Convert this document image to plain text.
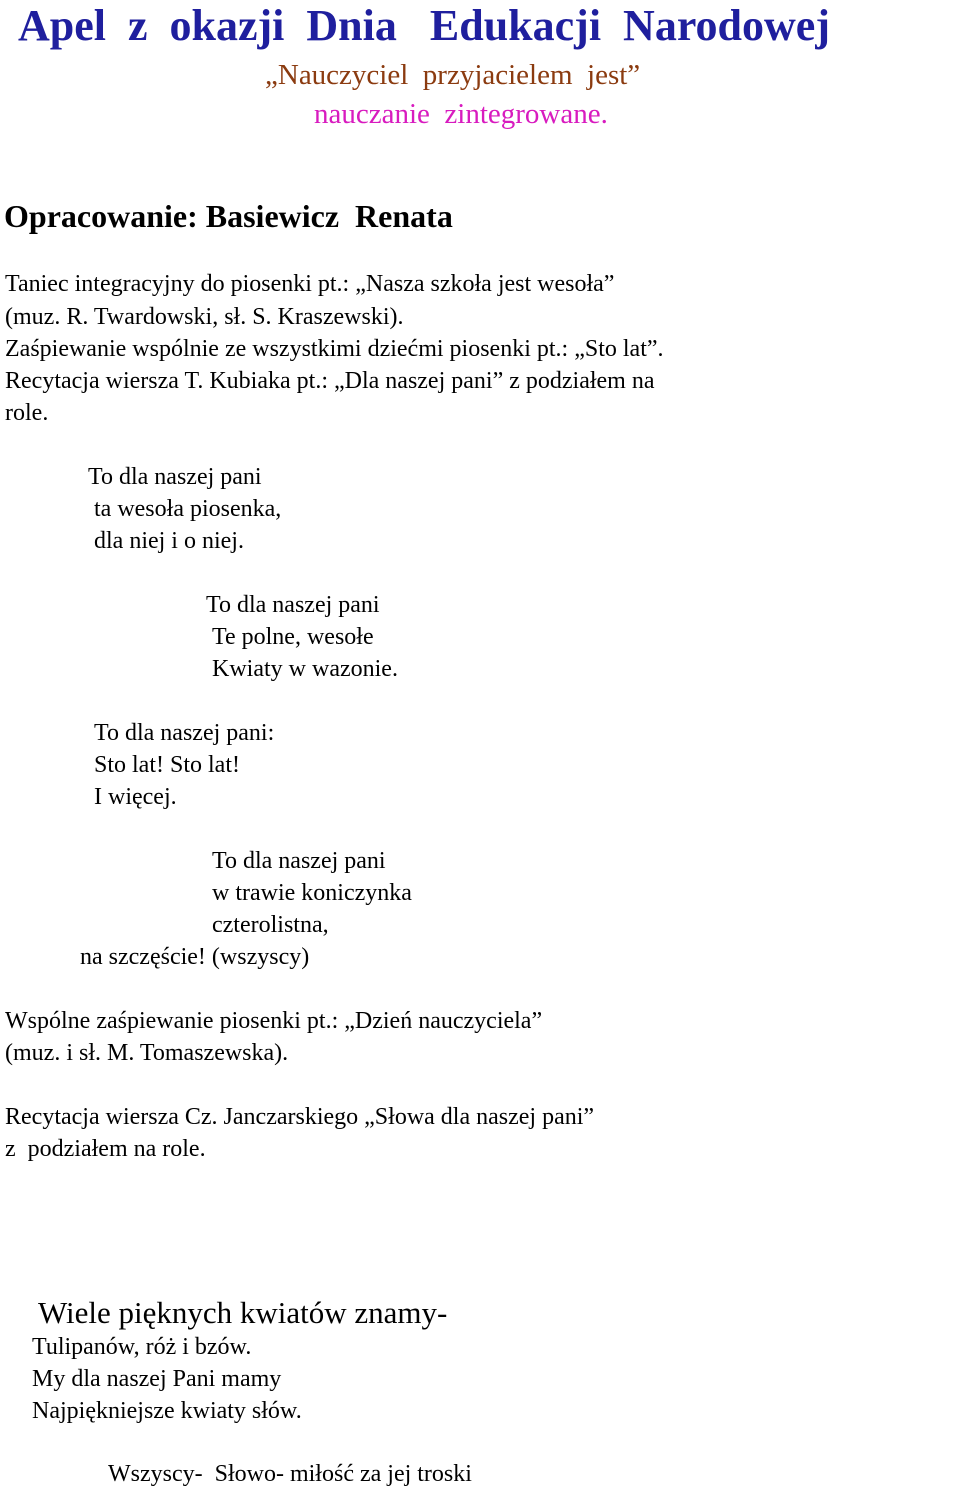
Apel  z  okazji  Dnia   Edukacji  Narodowej
„Nauczyciel  przyjacielem  jest”
nauczanie  zintegrowane.
Opracowanie: Basiewicz  Renata
Taniec integracyjny do piosenki pt.: „Nasza szkoła jest wesoła”
(muz. R. Twardowski, sł. S. Kraszewski).
Zaśpiewanie wspólnie ze wszystkimi dziećmi piosenki pt.: „Sto lat”.
Recytacja wiersza T. Kubiaka pt.: „Dla naszej pani” z podziałem na
role.
To dla naszej pani
ta wesoła piosenka,
dla niej i o niej.
To dla naszej pani
Te polne, wesołe
Kwiaty w wazonie.
To dla naszej pani:
Sto lat! Sto lat!
I więcej.
To dla naszej pani
w trawie koniczynka
czterolistna,
na szczęście! (wszyscy)
Wspólne zaśpiewanie piosenki pt.: „Dzień nauczyciela”
(muz. i sł. M. Tomaszewska).
Recytacja wiersza Cz. Janczarskiego „Słowa dla naszej pani”
z  podziałem na role.
Wiele pięknych kwiatów znamy-
Tulipanów, róż i bzów.
My dla naszej Pani mamy
Najpiękniejsze kwiaty słów.
Wszyscy-  Słowo- miłość za jej troski
